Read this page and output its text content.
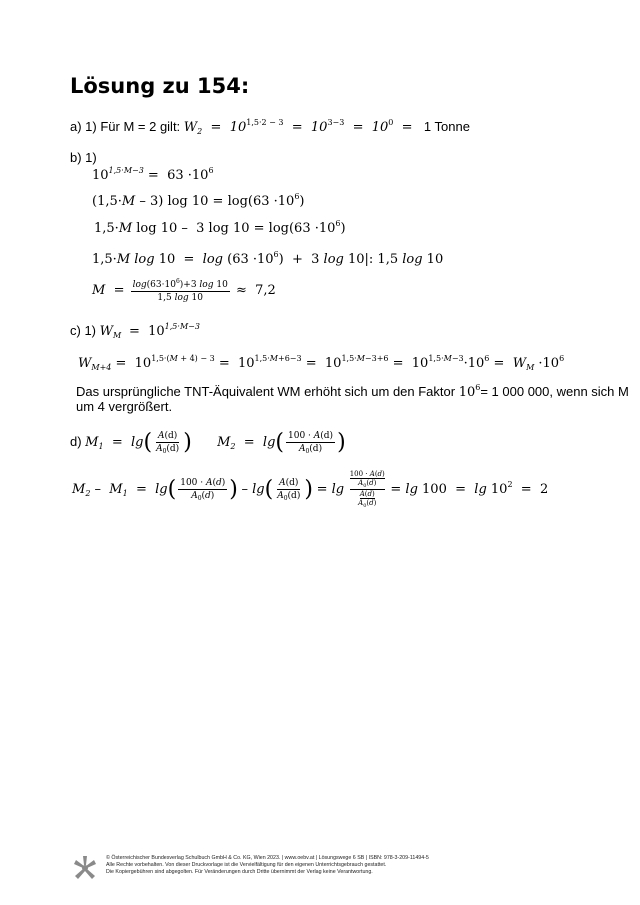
Lösung zu 154:
a) 1) Für M = 2 gilt: $W_2 = 10^{1,5\cdot 2 - 3} = 10^{3-3} = 10^0 = 1$ Tonne
b) 1)
$10^{1,5\cdot M-3} = 63 \cdot 10^6$
(1,5·M – 3) $\log 10 = \log(63 \cdot 10^6)$
1,5·M log 10 –  3 $\log 10 = \log(63 \cdot 10^6)$
1,5·M $\log 10 = \log (63 \cdot 10^6) + 3$ log 10|: 1,5 log 10
$M = \frac{\log(63\cdot 10^6)+3 \log 10}{1,5 \log 10} \approx 7,2$
c) 1) $W_M = 10^{1,5\cdot M-3}$
$W_{M+4} = 10^{1,5\cdot(M + 4) - 3} = 10^{1,5\cdot M+6-3} = 10^{1,5\cdot M-3+6} = 10^{1,5\cdot M-3}\cdot 10^6 = W_M \cdot 10^6$
Das ursprüngliche TNT-Äquivalent WM erhöht sich um den Faktor $10^6= 1$ 000 000, wenn sich M
um 4 vergrößert.
d) $M_1 = \lg( \frac{A(d)}{A_0(d)}$ ) $M_2 = \lg( \frac{100 \cdot A(d)}{A_0(d)}$ )
$M_2 - M_1 = \lg( \frac{100 \cdot A(d)}{A_0(d)}$ ) – $\lg( \frac{A(d)}{A_0(d)}$ ) = lg 100 · A(d)
$A_0(d)$
A(d)
$A_0(d) = \lg 100 = \lg 10^2 = 2$
© Österreichischer Bundesverlag Schulbuch GmbH & Co. KG, Wien 2023. | www.oebv.at | Lösungswege 6 SB | ISBN: 978-3-209-11494-5
Alle Rechte vorbehalten. Von dieser Druckvorlage ist die Vervielfältigung für den eigenen Unterrichtsgebrauch gestattet.
Die Kopiergebühren sind abgegolten. Für Veränderungen durch Dritte übernimmt der Verlag keine Verantwortung.
